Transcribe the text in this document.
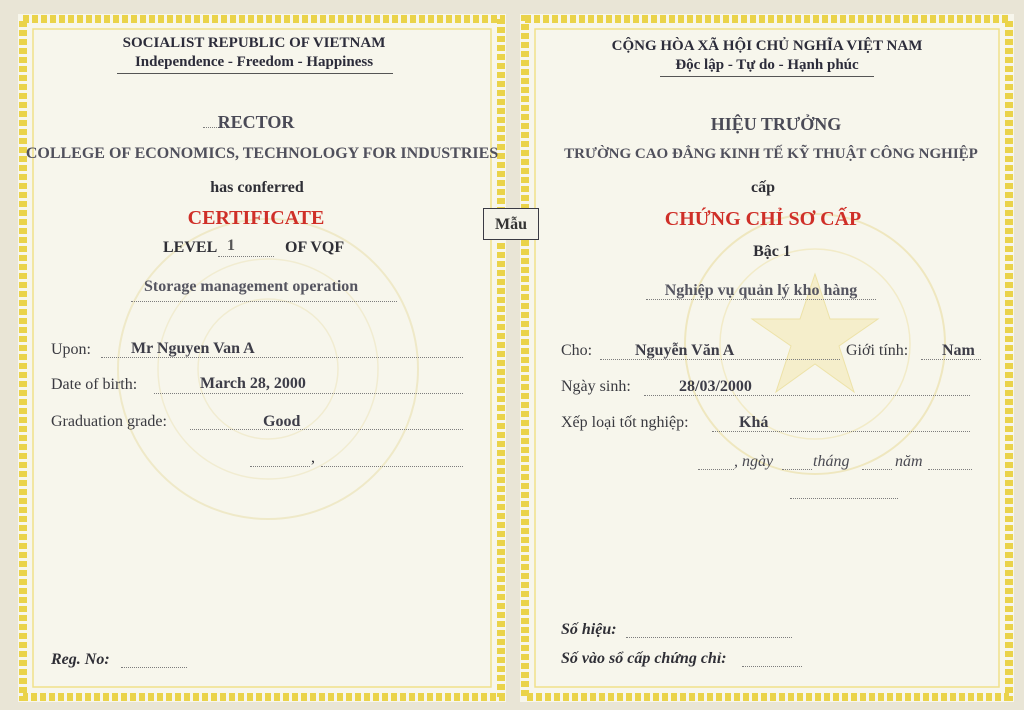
SOCIALIST REPUBLIC OF VIETNAM
Independence - Freedom - Happiness
RECTOR
COLLEGE OF ECONOMICS, TECHNOLOGY FOR INDUSTRIES
has conferred
CERTIFICATE
LEVEL 1	OF VQF
Storage management operation
Upon:	Mr Nguyen Van A
Date of birth:	March 28, 2000
Graduation grade:	Good
,
Reg. No:
CỘNG HÒA XÃ HỘI CHỦ NGHĨA VIỆT NAM
Độc lập - Tự do - Hạnh phúc
HIỆU TRƯỞNG
TRƯỜNG CAO ĐẲNG KINH TẾ KỸ THUẬT CÔNG NGHIỆP
cấp
CHỨNG CHỈ SƠ CẤP
Bậc 1
Nghiệp vụ quản lý kho hàng
Cho:	Nguyễn Văn A	Giới tính: Nam
Ngày sinh:	28/03/2000
Xếp loại tốt nghiệp:	Khá
, ngày tháng	năm
Số hiệu:
Số vào sổ cấp chứng chỉ:
Mẫu
